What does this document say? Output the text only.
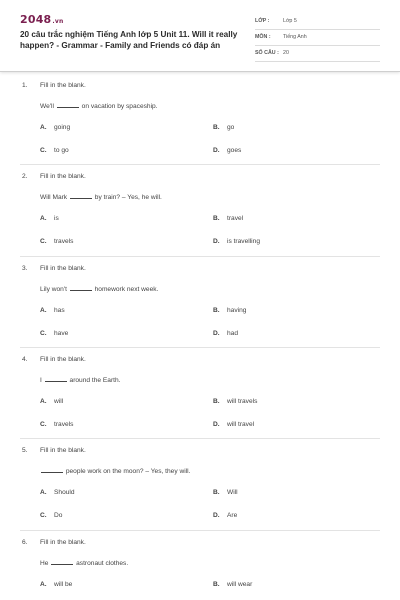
2048.vn
20 câu trắc nghiệm Tiếng Anh lớp 5 Unit 11. Will it really happen? - Grammar - Family and Friends có đáp án
LỚP :	Lớp 5
MÔN : Tiếng Anh
SỐ CÂU : 20
1. Fill in the blank.
We'll	on vacation by spaceship.
A. going	B. go
C. to go	D. goes
2. Fill in the blank.
Will Mark	by train? – Yes, he will.
A. is	B. travel
C. travels	D. is travelling
3. Fill in the blank.
Lily won't	homework next week.
A. has	B. having
C. have	D. had
4. Fill in the blank.
I	around the Earth.
A. will	B. will travels
C. travels	D. will travel
5. Fill in the blank.
people work on the moon? – Yes, they will.
A. Should	B. Will
C. Do	D. Are
6. Fill in the blank.
He	astronaut clothes.
A. will be	B. will wear
